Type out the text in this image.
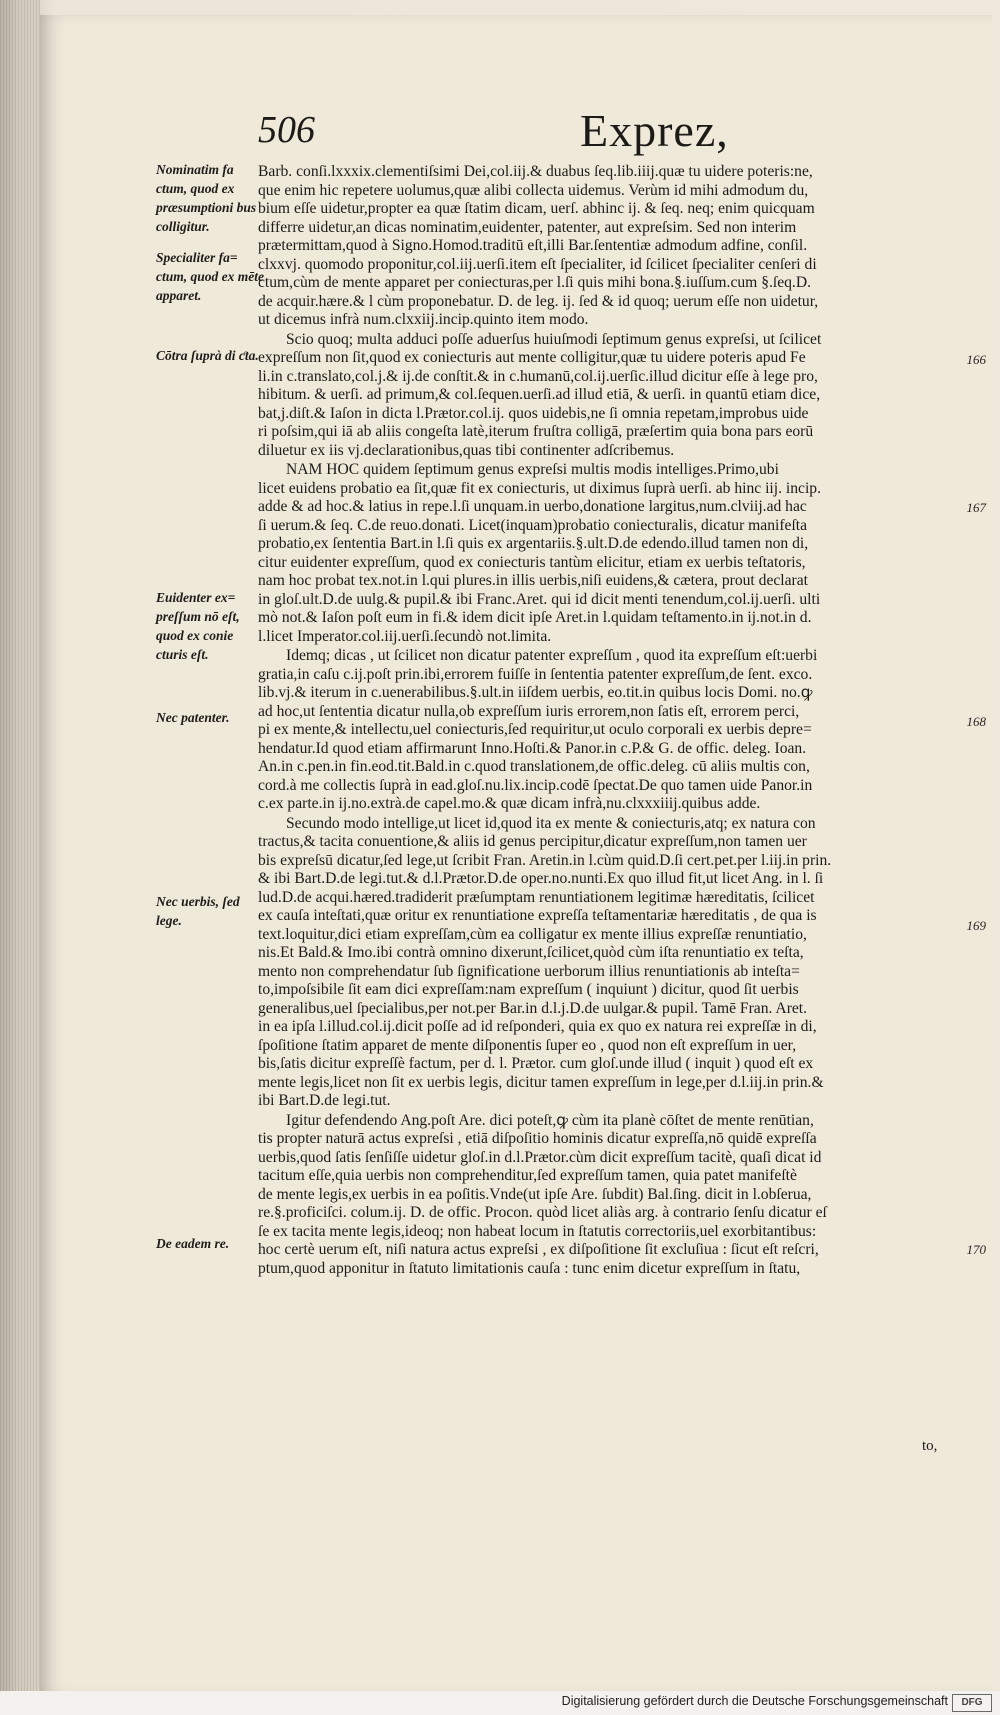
506	Exprez,
Nominatim fa ctum, quod ex præsumptioni bus colligitur.
Specialiter fa= ctum, quod ex mēte apparet.
Cōtra ſuprà di ƈta.
Euidenter ex= preſſum nō eſt, quod ex conie cturis eſt.
Nec patenter.
Nec uerbis, ſed lege.
De eadem re.
Barb. conſi.lxxxix.clementiſsimi Dei,col.iij.& duabus ſeq.lib.iiij.quæ tu uidere poteris:ne,
que enim hic repetere uolumus,quæ alibi collecta uidemus. Verùm id mihi admodum du,
bium eſſe uidetur,propter ea quæ ſtatim dicam, uerſ. abhinc ij. & ſeq. neq; enim quicquam
differre uidetur,an dicas nominatim,euidenter, patenter, aut expreſsim. Sed non interim
prætermittam,quod à Signo.Homod.traditū eſt,illi Bar.ſententiæ admodum adfine, conſil.
clxxvj. quomodo proponitur,col.iij.uerſi.item eſt ſpecialiter, id ſcilicet ſpecialiter cenſeri di
ctum,cùm de mente apparet per coniecturas,per l.ſi quis mihi bona.§.iuſſum.cum §.ſeq.D.
de acquir.hære.& l cùm proponebatur. D. de leg. ij. ſed & id quoq; uerum eſſe non uidetur,
ut dicemus infrà num.clxxiij.incip.quinto item modo.
Scio quoq; multa adduci poſſe aduerſus huiuſmodi ſeptimum genus expreſsi, ut ſcilicet
expreſſum non ſit,quod ex coniecturis aut mente colligitur,quæ tu uidere poteris apud Fe
li.in c.translato,col.j.& ij.de conſtit.& in c.humanū,col.ij.uerſic.illud dicitur eſſe à lege pro,
hibitum. & uerſi. ad primum,& col.ſequen.uerſi.ad illud etiā, & uerſi. in quantū etiam dice,
bat,j.diſt.& Iaſon in dicta l.Prætor.col.ij. quos uidebis,ne ſi omnia repetam,improbus uide
ri poſsim,qui iā ab aliis congeſta latè,iterum fruſtra colligā, præſertim quia bona pars eorū
diluetur ex iis vj.declarationibus,quas tibi continenter adſcribemus.
NAM HOC quidem ſeptimum genus expreſsi multis modis intelliges.Primo,ubi
licet euidens probatio ea ſit,quæ fit ex coniecturis, ut diximus ſuprà uerſi. ab hinc iij. incip.
adde & ad hoc.& latius in repe.l.ſi unquam.in uerbo,donatione largitus,num.clviij.ad hac
ſi uerum.& ſeq. C.de reuo.donati. Licet(inquam)probatio coniecturalis, dicatur manifeſta
probatio,ex ſententia Bart.in l.ſi quis ex argentariis.§.ult.D.de edendo.illud tamen non di,
citur euidenter expreſſum, quod ex coniecturis tantùm elicitur, etiam ex uerbis teſtatoris,
nam hoc probat tex.not.in l.qui plures.in illis uerbis,niſi euidens,& cætera, prout declarat
in gloſ.ult.D.de uulg.& pupil.& ibi Franc.Aret. qui id dicit menti tenendum,col.ij.uerſi. ulti
mò not.& Iaſon poſt eum in fi.& idem dicit ipſe Aret.in l.quidam teſtamento.in ij.not.in d.
l.licet Imperator.col.iij.uerſi.ſecundò not.limita.
Idemq; dicas , ut ſcilicet non dicatur patenter expreſſum , quod ita expreſſum eſt:uerbi
gratia,in caſu c.ij.poſt prin.ibi,errorem fuiſſe in ſententia patenter expreſſum,de ſent. exco.
lib.vj.& iterum in c.uenerabilibus.§.ult.in iiſdem uerbis, eo.tit.in quibus locis Domi. no.ꝙ
ad hoc,ut ſententia dicatur nulla,ob expreſſum iuris errorem,non ſatis eſt, errorem perci,
pi ex mente,& intellectu,uel coniecturis,ſed requiritur,ut oculo corporali ex uerbis depre=
hendatur.Id quod etiam affirmarunt Inno.Hoſti.& Panor.in c.P.& G. de offic. deleg. Ioan.
An.in c.pen.in fin.eod.tit.Bald.in c.quod translationem,de offic.deleg. cū aliis multis con,
cord.à me collectis ſuprà in ead.gloſ.nu.lix.incip.codē ſpectat.De quo tamen uide Panor.in
c.ex parte.in ij.no.extrà.de capel.mo.& quæ dicam infrà,nu.clxxxiiij.quibus adde.
Secundo modo intellige,ut licet id,quod ita ex mente & coniecturis,atq; ex natura con
tractus,& tacita conuentione,& aliis id genus percipitur,dicatur expreſſum,non tamen uer
bis expreſsū dicatur,ſed lege,ut ſcribit Fran. Aretin.in l.cùm quid.D.ſi cert.pet.per l.iij.in prin.
& ibi Bart.D.de legi.tut.& d.l.Prætor.D.de oper.no.nunti.Ex quo illud fit,ut licet Ang. in l. ſi
lud.D.de acqui.hæred.tradiderit præſumptam renuntiationem legitimæ hæreditatis, ſcilicet
ex cauſa inteſtati,quæ oritur ex renuntiatione expreſſa teſtamentariæ hæreditatis , de qua is
text.loquitur,dici etiam expreſſam,cùm ea colligatur ex mente illius expreſſæ renuntiatio,
nis.Et Bald.& Imo.ibi contrà omnino dixerunt,ſcilicet,quòd cùm iſta renuntiatio ex teſta,
mento non comprehendatur ſub ſignificatione uerborum illius renuntiationis ab inteſta=
to,impoſsibile ſit eam dici expreſſam:nam expreſſum ( inquiunt ) dicitur, quod ſit uerbis
generalibus,uel ſpecialibus,per not.per Bar.in d.l.j.D.de uulgar.& pupil. Tamē Fran. Aret.
in ea ipſa l.illud.col.ij.dicit poſſe ad id reſponderi, quia ex quo ex natura rei expreſſæ in di,
ſpoſitione ſtatim apparet de mente diſponentis ſuper eo , quod non eſt expreſſum in uer,
bis,ſatis dicitur expreſſè factum, per d. l. Prætor. cum gloſ.unde illud ( inquit ) quod eſt ex
mente legis,licet non ſit ex uerbis legis, dicitur tamen expreſſum in lege,per d.l.iij.in prin.&
ibi Bart.D.de legi.tut.
Igitur defendendo Ang.poſt Are. dici poteſt,ꝙ cùm ita planè cōſtet de mente renūtian,
tis propter naturā actus expreſsi , etiā diſpoſitio hominis dicatur expreſſa,nō quidē expreſſa
uerbis,quod ſatis ſenſiſſe uidetur gloſ.in d.l.Prætor.cùm dicit expreſſum tacitè, quaſi dicat id
tacitum eſſe,quia uerbis non comprehenditur,ſed expreſſum tamen, quia patet manifeſtè
de mente legis,ex uerbis in ea poſitis.Vnde(ut ipſe Are. ſubdit) Bal.ſing. dicit in l.obſerua,
re.§.proficiſci. colum.ij. D. de offic. Procon. quòd licet aliàs arg. à contrario ſenſu dicatur eſ
ſe ex tacita mente legis,ideoq; non habeat locum in ſtatutis correctoriis,uel exorbitantibus:
hoc certè uerum eſt, niſi natura actus expreſsi , ex diſpoſitione ſit excluſiua : ſicut eſt reſcri,
ptum,quod apponitur in ſtatuto limitationis cauſa : tunc enim dicetur expreſſum in ſtatu,
166
167
168
169
170
to,
Digitalisierung gefördert durch die Deutsche Forschungsgemeinschaft	DFG
